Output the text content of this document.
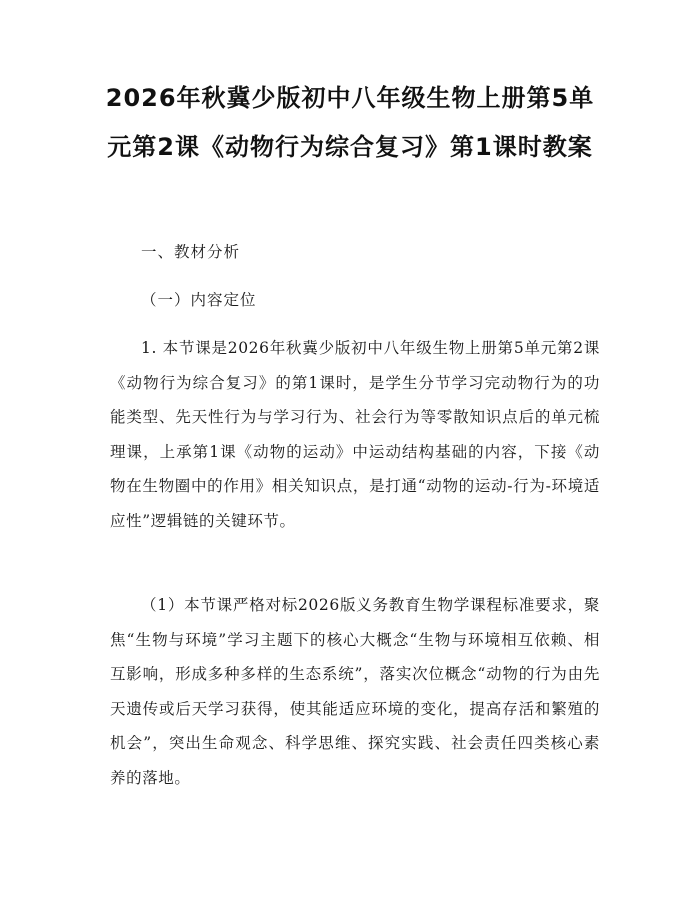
2026年秋冀少版初中八年级生物上册第5单元第2课《动物行为综合复习》第1课时教案

一、教材分析

（一）内容定位

1. 本节课是2026年秋冀少版初中八年级生物上册第5单元第2课《动物行为综合复习》的第1课时，是学生分节学习完动物行为的功能类型、先天性行为与学习行为、社会行为等零散知识点后的单元梳理课，上承第1课《动物的运动》中运动结构基础的内容，下接《动物在生物圈中的作用》相关知识点，是打通“动物的运动-行为-环境适应性”逻辑链的关键环节。

（1）本节课严格对标2026版义务教育生物学课程标准要求，聚焦“生物与环境”学习主题下的核心大概念“生物与环境相互依赖、相互影响，形成多种多样的生态系统”，落实次位概念“动物的行为由先天遗传或后天学习获得，使其能适应环境的变化，提高存活和繁殖的机会”，突出生命观念、科学思维、探究实践、社会责任四类核心素养的落地。
